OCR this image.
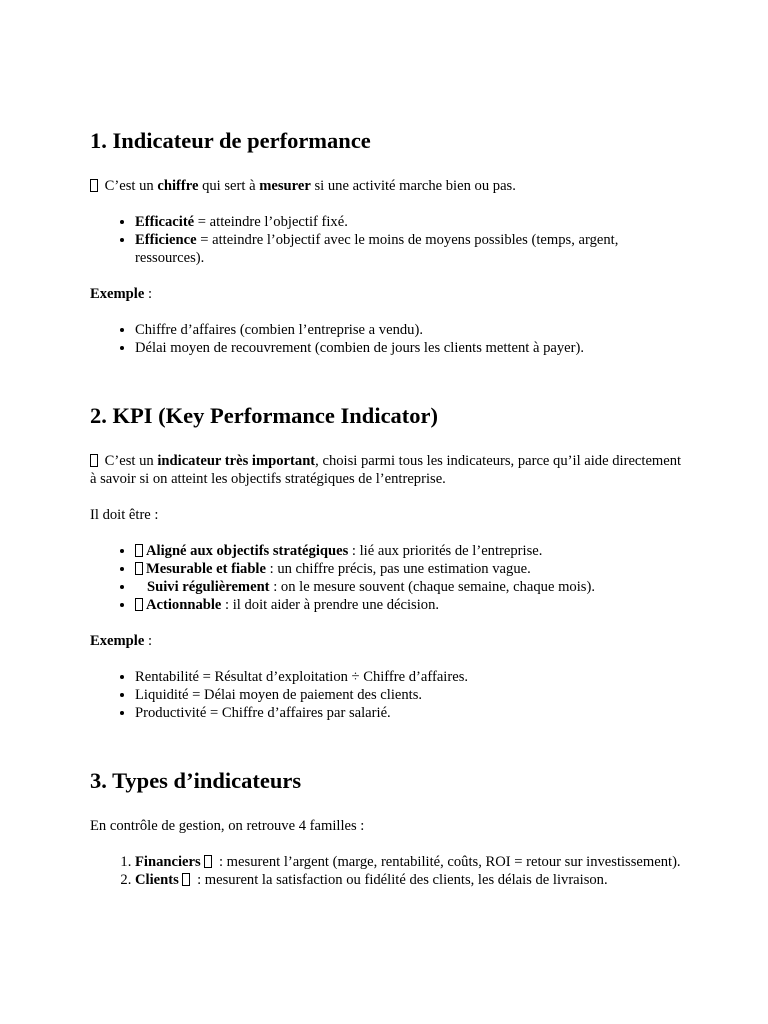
1. Indicateur de performance

C’est un chiffre qui sert à mesurer si une activité marche bien ou pas.

• Efficacité = atteindre l’objectif fixé.
• Efficience = atteindre l’objectif avec le moins de moyens possibles (temps, argent, ressources).

Exemple :

• Chiffre d’affaires (combien l’entreprise a vendu).
• Délai moyen de recouvrement (combien de jours les clients mettent à payer).
2. KPI (Key Performance Indicator)

C’est un indicateur très important, choisi parmi tous les indicateurs, parce qu’il aide directement à savoir si on atteint les objectifs stratégiques de l’entreprise.

Il doit être :

• Aligné aux objectifs stratégiques : lié aux priorités de l’entreprise.
• Mesurable et fiable : un chiffre précis, pas une estimation vague.
• Suivi régulièrement : on le mesure souvent (chaque semaine, chaque mois).
• Actionnable : il doit aider à prendre une décision.

Exemple :

• Rentabilité = Résultat d’exploitation ÷ Chiffre d’affaires.
• Liquidité = Délai moyen de paiement des clients.
• Productivité = Chiffre d’affaires par salarié.
3. Types d’indicateurs

En contrôle de gestion, on retrouve 4 familles :

1. Financiers  : mesurent l’argent (marge, rentabilité, coûts, ROI = retour sur investissement).
2. Clients  : mesurent la satisfaction ou fidélité des clients, les délais de livraison.
